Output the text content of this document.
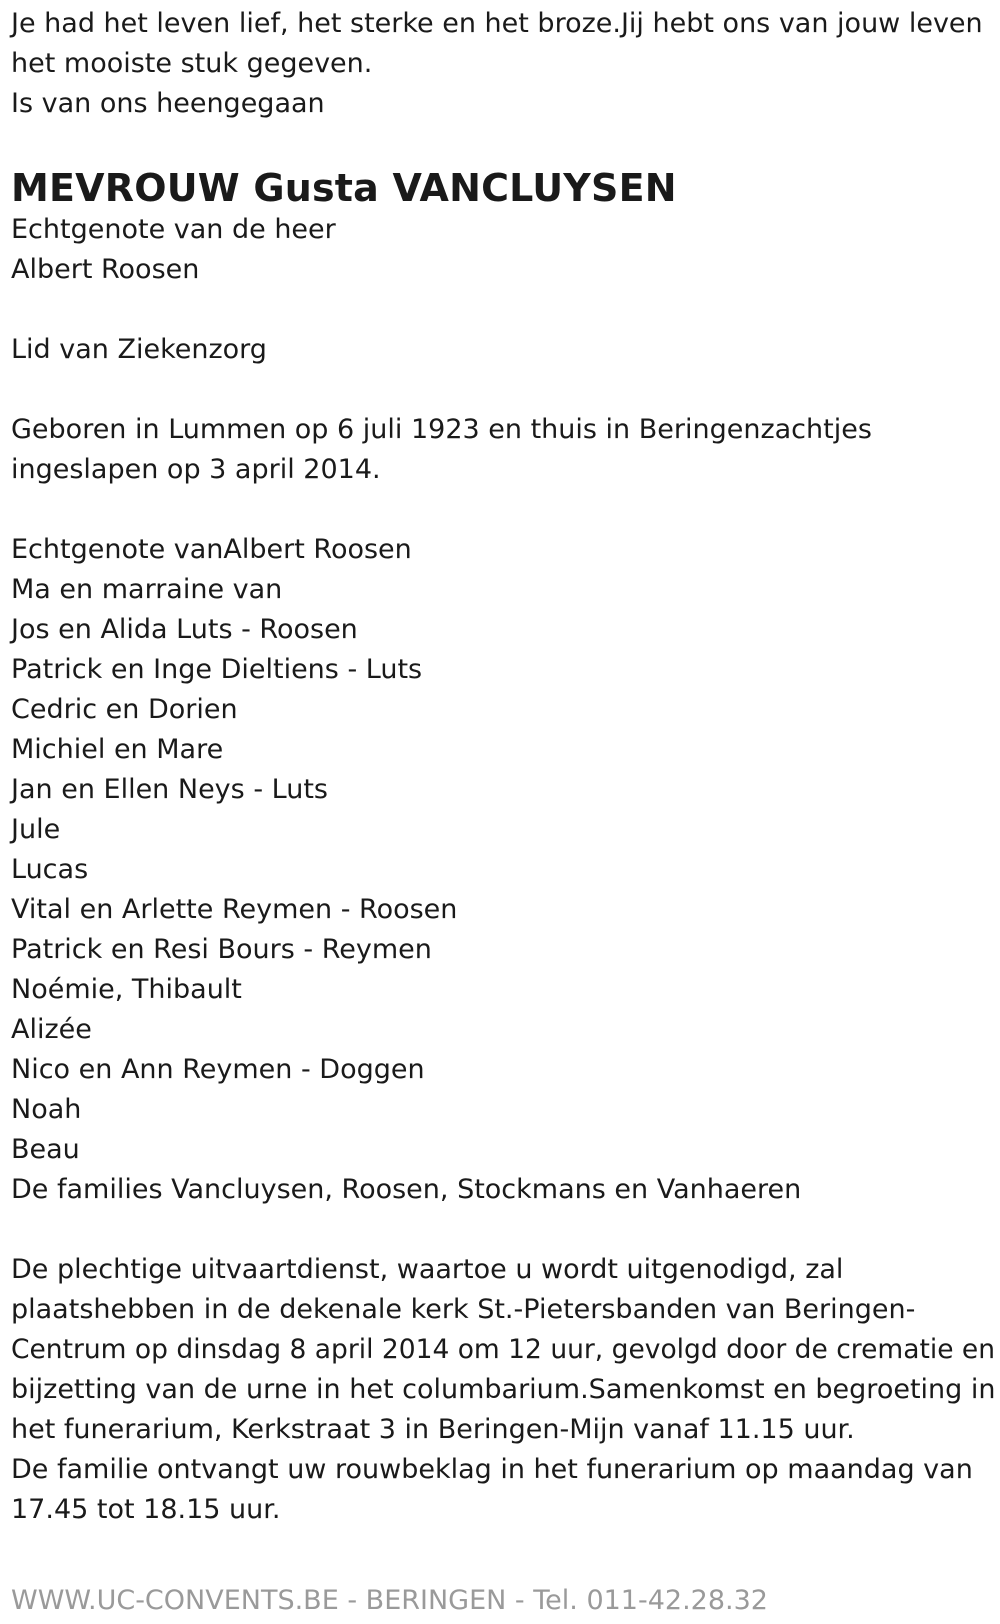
Je had het leven lief, het sterke en het broze.Jij hebt ons van jouw leven
het mooiste stuk gegeven.
Is van ons heengegaan
MEVROUW Gusta VANCLUYSEN
Echtgenote van de heer
Albert Roosen
Lid van Ziekenzorg
Geboren in Lummen op 6 juli 1923 en thuis in Beringenzachtjes
ingeslapen op 3 april 2014.
Echtgenote vanAlbert Roosen
Ma en marraine van
Jos en Alida Luts - Roosen
Patrick en Inge Dieltiens - Luts
Cedric en Dorien
Michiel en Mare
Jan en Ellen Neys - Luts
Jule
Lucas
Vital en Arlette Reymen - Roosen
Patrick en Resi Bours - Reymen
Noémie, Thibault
Alizée
Nico en Ann Reymen - Doggen
Noah
Beau
De families Vancluysen, Roosen, Stockmans en Vanhaeren
De plechtige uitvaartdienst, waartoe u wordt uitgenodigd, zal
plaatshebben in de dekenale kerk St.-Pietersbanden van Beringen-
Centrum op dinsdag 8 april 2014 om 12 uur, gevolgd door de crematie en
bijzetting van de urne in het columbarium.Samenkomst en begroeting in
het funerarium, Kerkstraat 3 in Beringen-Mijn vanaf 11.15 uur.
De familie ontvangt uw rouwbeklag in het funerarium op maandag van
17.45 tot 18.15 uur.
WWW.UC-CONVENTS.BE - BERINGEN - Tel. 011-42.28.32
